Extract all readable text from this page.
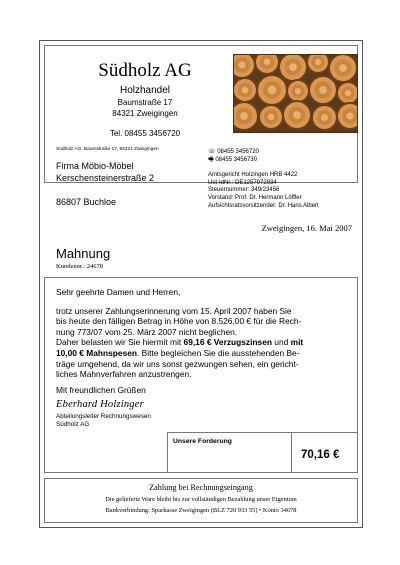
Südholz AG
Holzhandel
Baumstraße 17
84321 Zweigingen
Tel. 08455 3456720
Südholz AG, Baumstraße 17, 84321 Zweigingen
Firma Möbio-Möbel
Kerschensteinerstraße 2
86807 Buchloe
☏ 08455 3456720
🖷 08455 3456730
Amtsgericht Holzingen HRB 4422
Ust-IdNr.: DE1257972934
Steuernummer: 349/23456
Vorstand: Prof. Dr. Hermann Löffler
Aufsichtsratsvorsitzender: Dr. Hans Albert
Zweigingen, 16. Mai 2007
Mahnung
Kundennr.: 24678

Sehr geehrte Damen und Herren,

trotz unserer Zahlungserinnerung vom 15. April 2007 haben Sie

bis heute den fälligen Betrag in Höhe von 8.526,00 € für die Rech-

nung 773/07 vom 25. März 2007 nicht beglichen.

Daher belasten wir Sie hiermit mit 69,16 € Verzugszinsen und mit

10,00 € Mahnspesen. Bitte begleichen Sie die ausstehenden Be-

träge umgehend, da wir uns sonst gezwungen sehen, ein gericht-

liches Mahnverfahren anzustrengen.

Mit freundlichen Grüßen

Eberhard Holzinger

Abteilungsleiter Rechnungswesen

Südholz AG

Unsere Forderung
70,16 €
Zahlung bei Rechnungseingang
Die gelieferte Ware bleibt bis zur vollständigen Bezahlung unser Eigentum
Bankverbindung: Sparkasse Zweigingen (BLZ 720 933 55) • Konto 34678
